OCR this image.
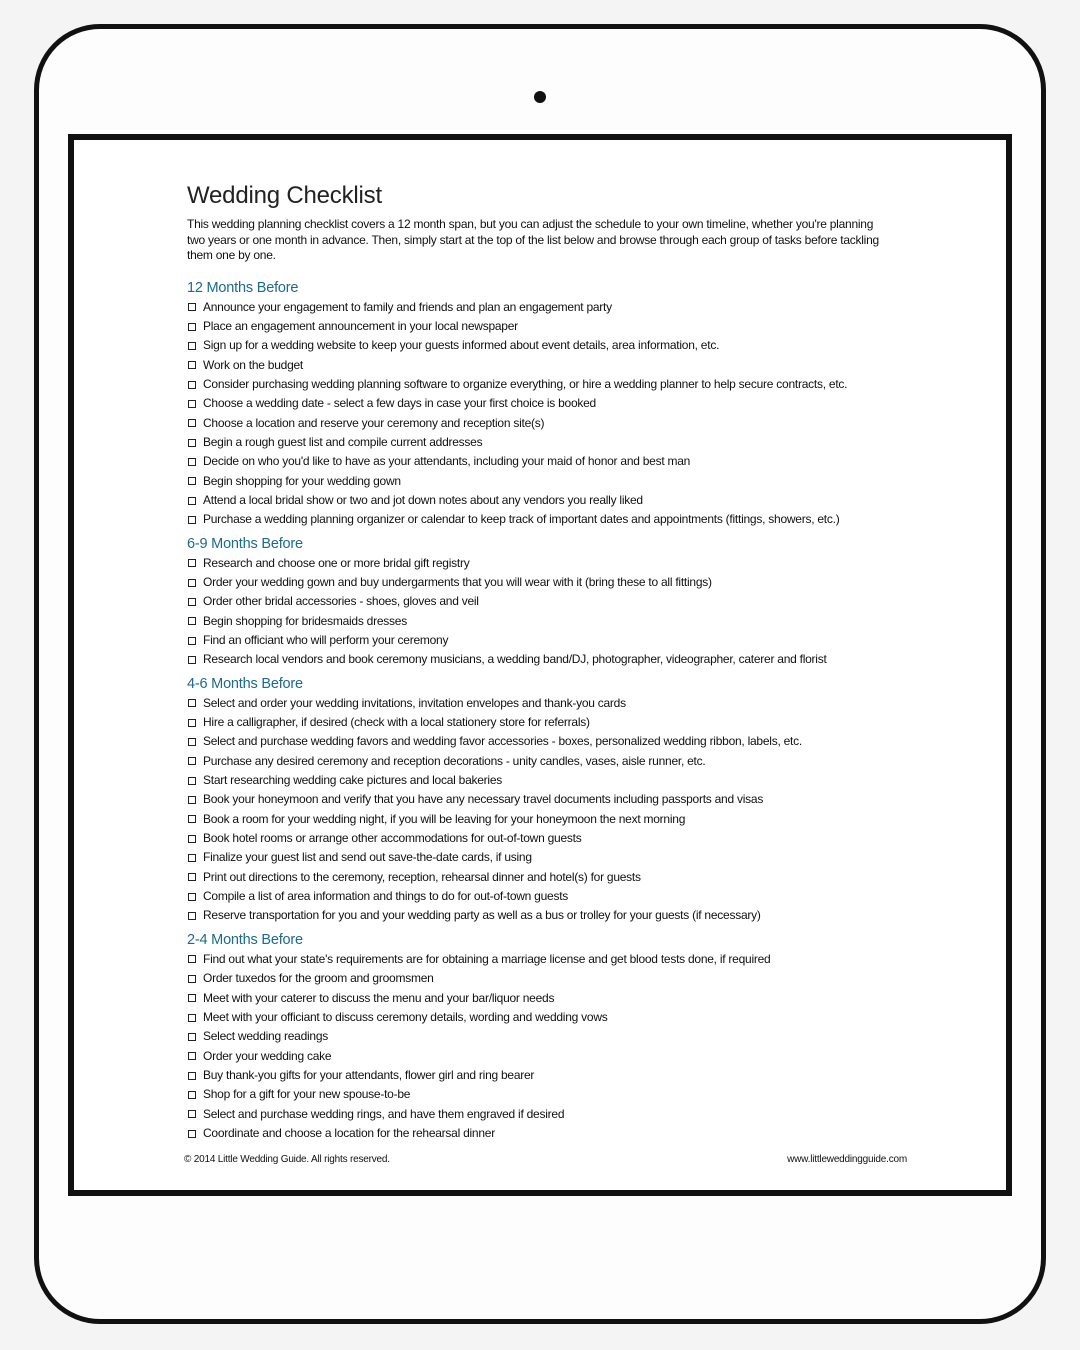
Wedding Checklist

This wedding planning checklist covers a 12 month span, but you can adjust the schedule to your own timeline, whether you're planning two years or one month in advance. Then, simply start at the top of the list below and browse through each group of tasks before tackling them one by one.

12 Months Before
Announce your engagement to family and friends and plan an engagement party
Place an engagement announcement in your local newspaper
Sign up for a wedding website to keep your guests informed about event details, area information, etc.
Work on the budget
Consider purchasing wedding planning software to organize everything, or hire a wedding planner to help secure contracts, etc.
Choose a wedding date - select a few days in case your first choice is booked
Choose a location and reserve your ceremony and reception site(s)
Begin a rough guest list and compile current addresses
Decide on who you'd like to have as your attendants, including your maid of honor and best man
Begin shopping for your wedding gown
Attend a local bridal show or two and jot down notes about any vendors you really liked
Purchase a wedding planning organizer or calendar to keep track of important dates and appointments (fittings, showers, etc.)
6-9 Months Before
Research and choose one or more bridal gift registry
Order your wedding gown and buy undergarments that you will wear with it (bring these to all fittings)
Order other bridal accessories - shoes, gloves and veil
Begin shopping for bridesmaids dresses
Find an officiant who will perform your ceremony
Research local vendors and book ceremony musicians, a wedding band/DJ, photographer, videographer, caterer and florist
4-6 Months Before
Select and order your wedding invitations, invitation envelopes and thank-you cards
Hire a calligrapher, if desired (check with a local stationery store for referrals)
Select and purchase wedding favors and wedding favor accessories - boxes, personalized wedding ribbon, labels, etc.
Purchase any desired ceremony and reception decorations - unity candles, vases, aisle runner, etc.
Start researching wedding cake pictures and local bakeries
Book your honeymoon and verify that you have any necessary travel documents including passports and visas
Book a room for your wedding night, if you will be leaving for your honeymoon the next morning
Book hotel rooms or arrange other accommodations for out-of-town guests
Finalize your guest list and send out save-the-date cards, if using
Print out directions to the ceremony, reception, rehearsal dinner and hotel(s) for guests
Compile a list of area information and things to do for out-of-town guests
Reserve transportation for you and your wedding party as well as a bus or trolley for your guests (if necessary)
2-4 Months Before
Find out what your state's requirements are for obtaining a marriage license and get blood tests done, if required
Order tuxedos for the groom and groomsmen
Meet with your caterer to discuss the menu and your bar/liquor needs
Meet with your officiant to discuss ceremony details, wording and wedding vows
Select wedding readings
Order your wedding cake
Buy thank-you gifts for your attendants, flower girl and ring bearer
Shop for a gift for your new spouse-to-be
Select and purchase wedding rings, and have them engraved if desired
Coordinate and choose a location for the rehearsal dinner
© 2014 Little Wedding Guide. All rights reserved.	www.littleweddingguide.com
